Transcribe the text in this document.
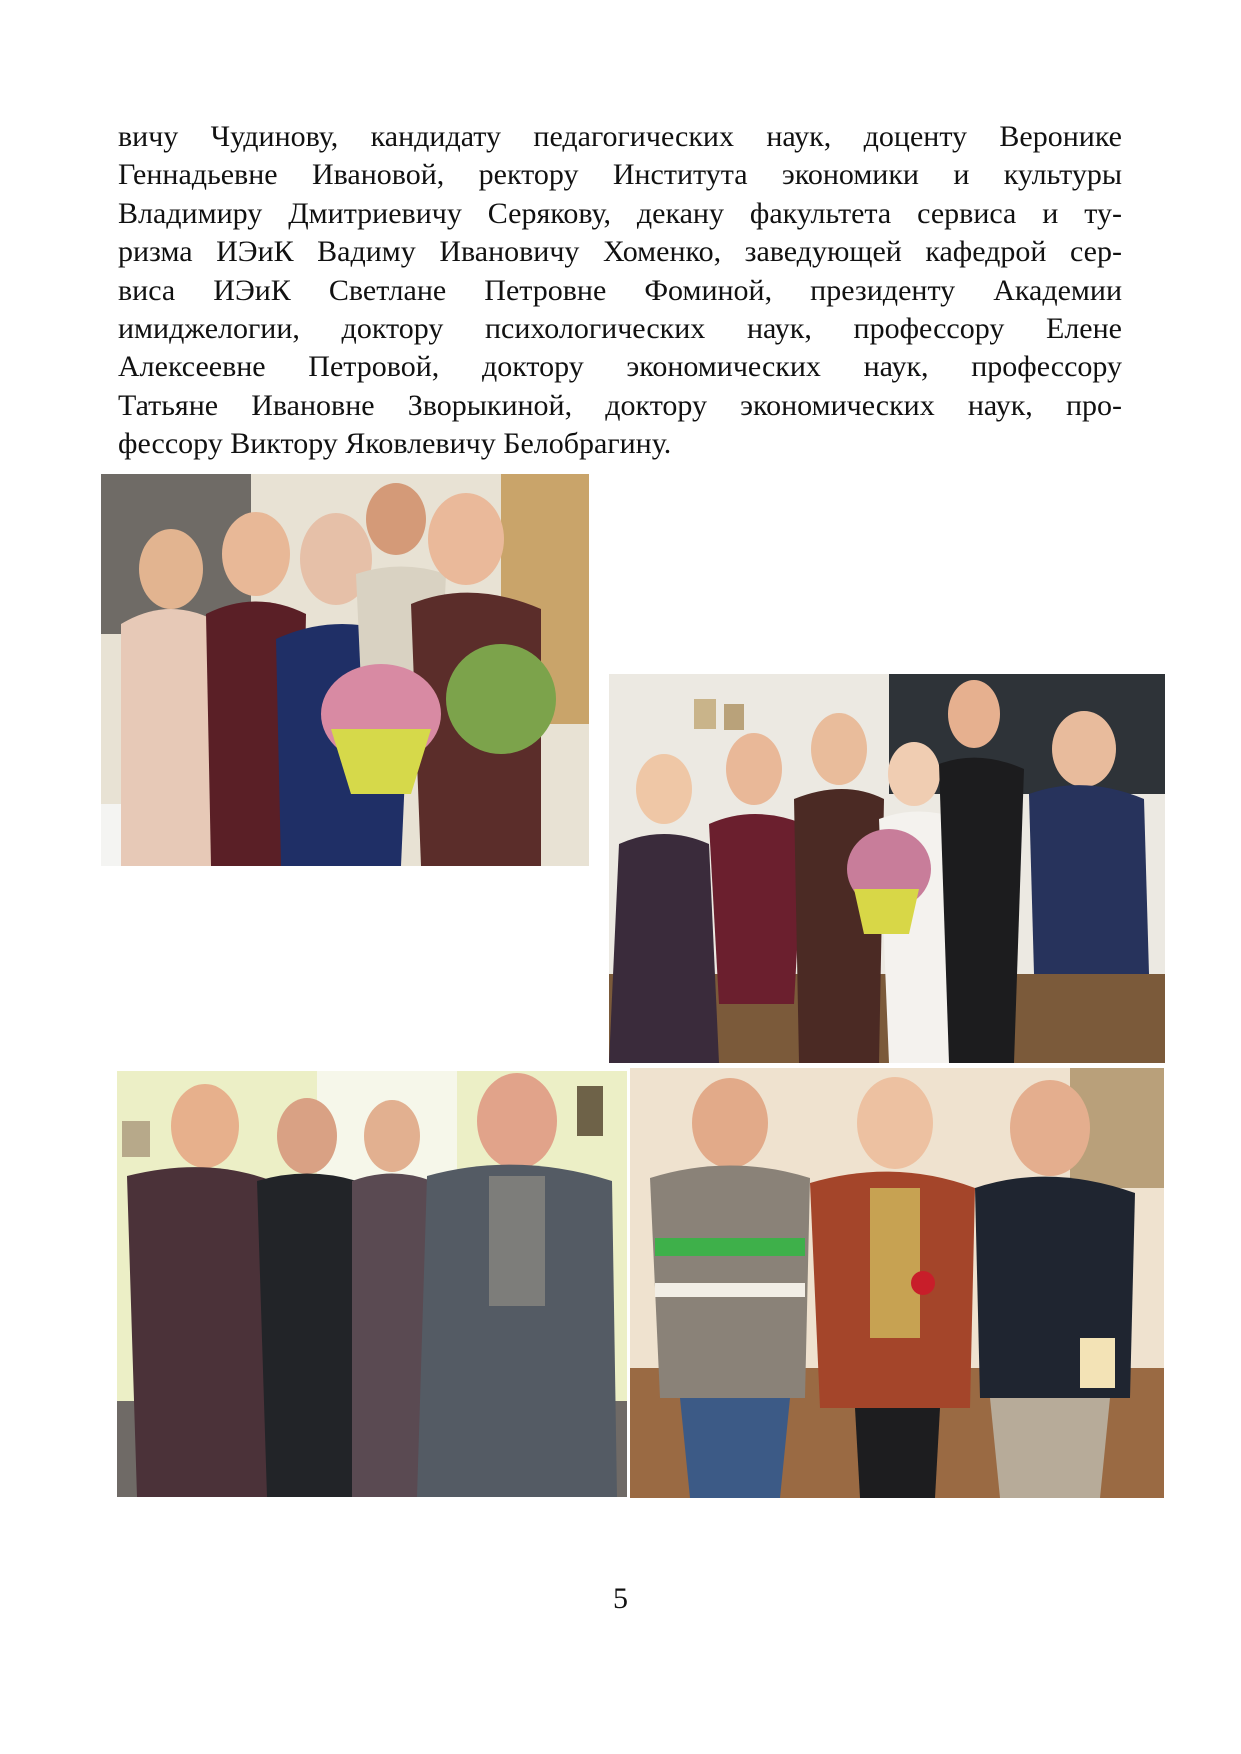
вичу Чудинову, кандидату педагогических наук, доценту Веронике
Геннадьевне Ивановой, ректору Института экономики и культуры
Владимиру Дмитриевичу Серякову, декану факультета сервиса и ту-
ризма ИЭиК Вадиму Ивановичу Хоменко, заведующей кафедрой сер-
виса ИЭиК Светлане Петровне Фоминой, президенту Академии
имиджелогии, доктору психологических наук, профессору Елене
Алексеевне Петровой, доктору экономических наук, профессору
Татьяне Ивановне Зворыкиной, доктору экономических наук, про-
фессору Виктору Яковлевичу Белобрагину.
5
